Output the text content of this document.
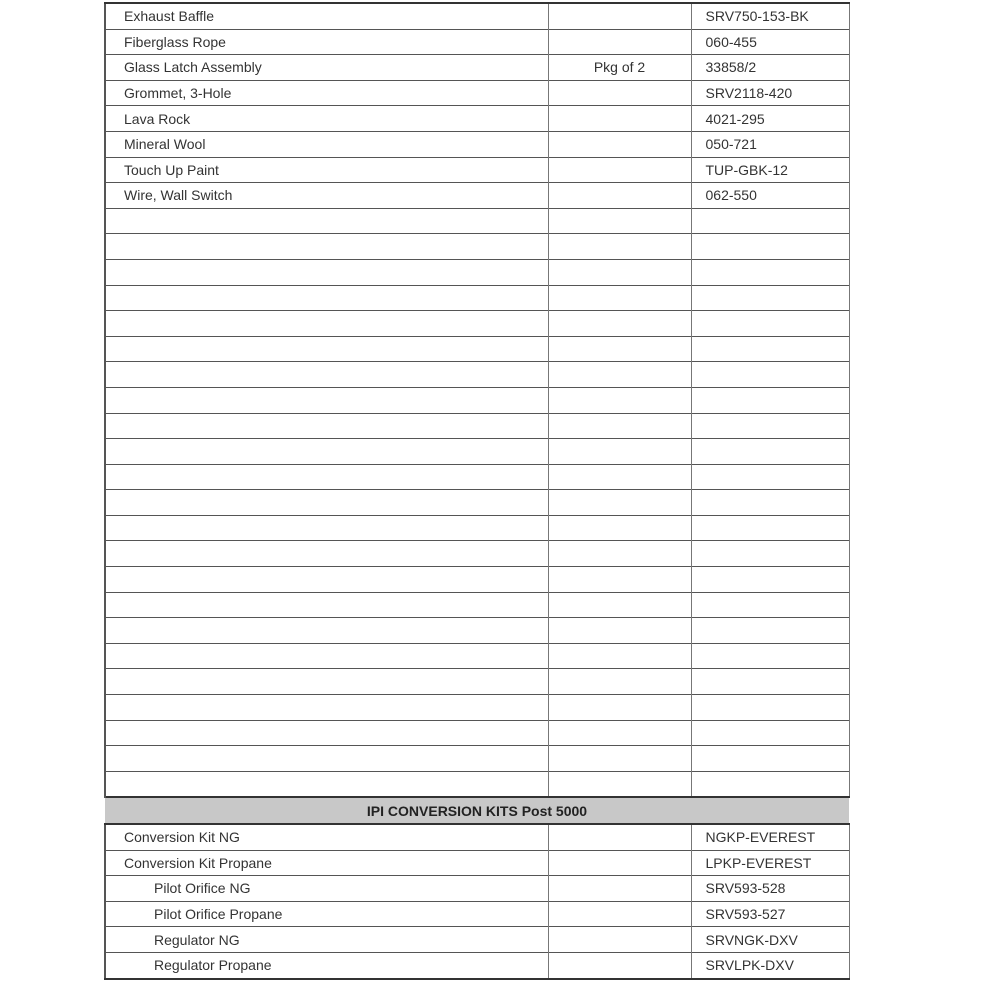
Exhaust Baffle		SRV750-153-BK
Fiberglass Rope		060-455
Glass Latch Assembly	Pkg of 2	33858/2
Grommet, 3-Hole		SRV2118-420
Lava Rock		4021-295
Mineral Wool		050-721
Touch Up Paint		TUP-GBK-12
Wire, Wall Switch		062-550

IPI CONVERSION KITS Post 5000		
Conversion Kit NG		NGKP-EVEREST
Conversion Kit Propane		LPKP-EVEREST
Pilot Orifice NG		SRV593-528
Pilot Orifice Propane		SRV593-527
Regulator NG		SRVNGK-DXV
Regulator Propane		SRVLPK-DXV
